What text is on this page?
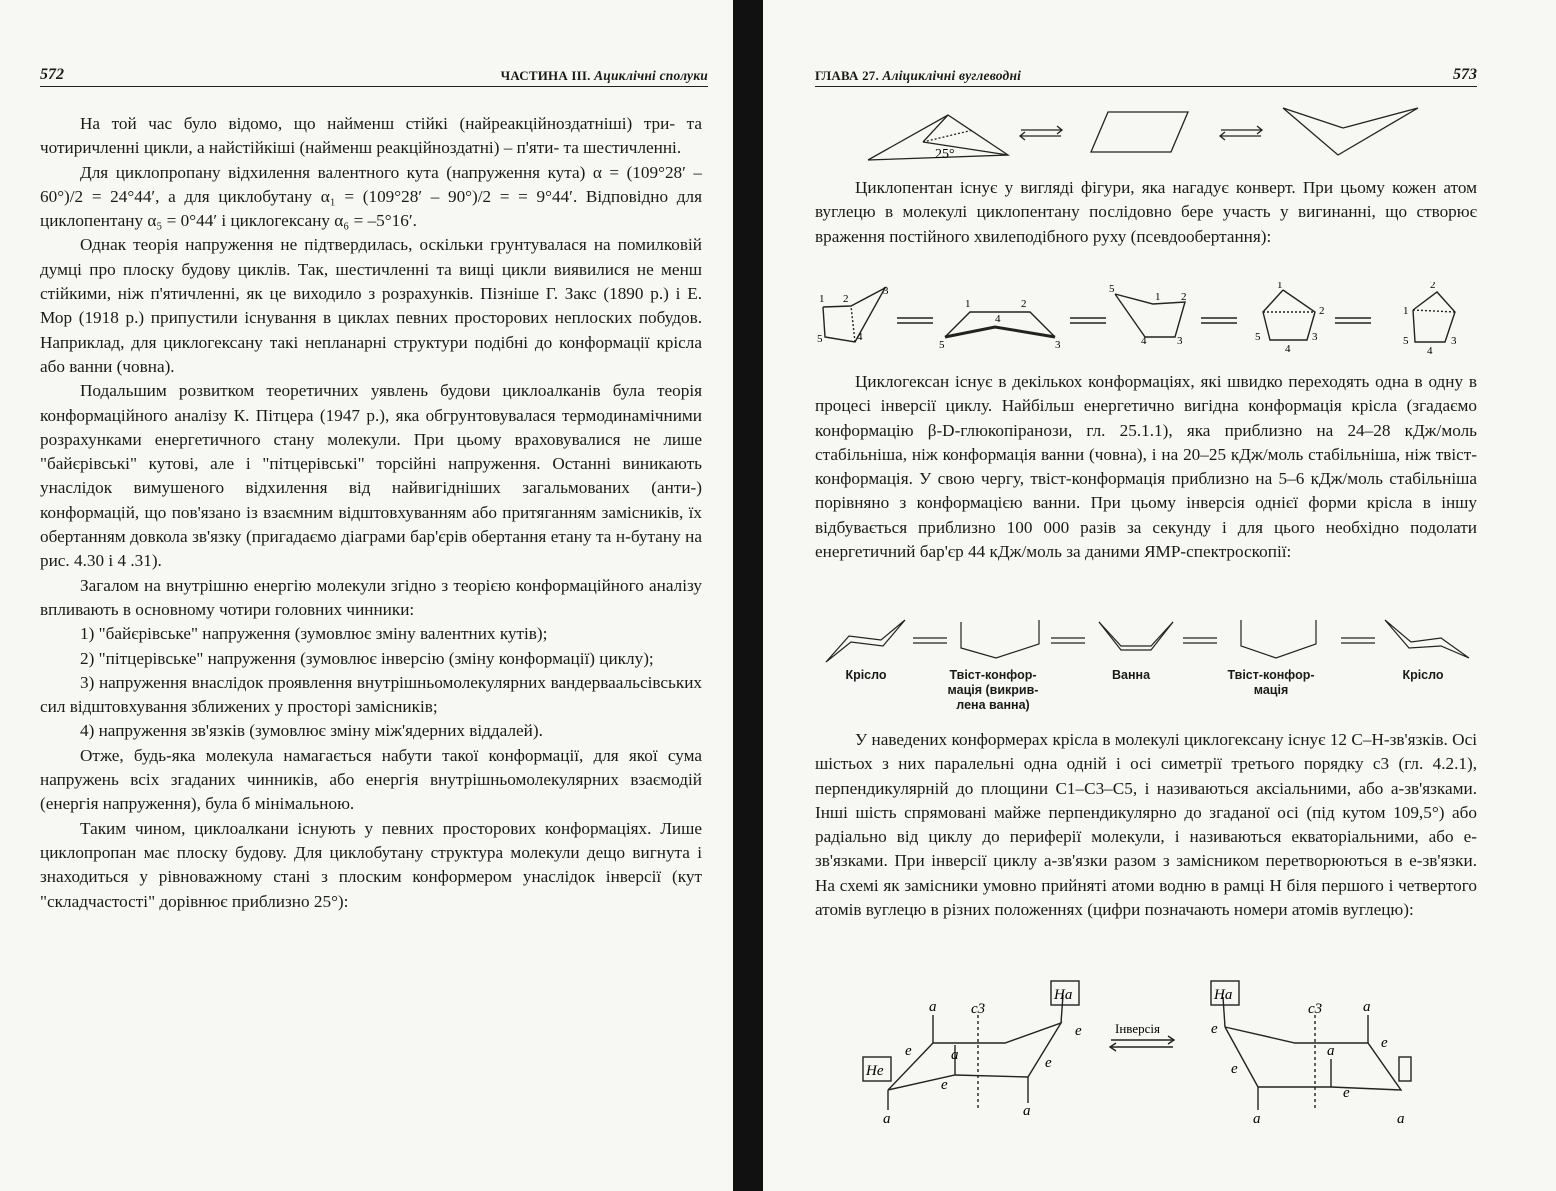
572	ЧАСТИНА ІІІ. Ациклічні сполуки

На той час було відомо, що найменш стійкі (найреакційноздатніші) три- та чотиричленні цикли, а найстійкіші (найменш реакційноздатні) – п'яти- та шестичленні.

Для циклопропану відхилення валентного кута (напруження кута) α = (109°28′ – 60°)/2 = 24°44′, а для циклобутану α₁ = (109°28′ – 90°)/2 = = 9°44′. Відповідно для циклопентану α₅ = 0°44′ і циклогексану α₆ = –5°16′.

Однак теорія напруження не підтвердилась, оскільки грунтувалася на помилковій думці про плоску будову циклів. Так, шестичленні та вищі цикли виявилися не менш стійкими, ніж п'ятичленні, як це виходило з розрахунків. Пізніше Г. Закс (1890 р.) і Е. Мор (1918 р.) припустили існування в циклах певних просторових неплоских побудов. Наприклад, для циклогексану такі непланарні структури подібні до конформації крісла або ванни (човна).

Подальшим розвитком теоретичних уявлень будови циклоалканів була теорія конформаційного аналізу К. Пітцера (1947 р.), яка обгрунтовувалася термодинамічними розрахунками енергетичного стану молекули. При цьому враховувалися не лише "байєрівські" кутові, але і "пітцерівські" торсійні напруження. Останні виникають унаслідок вимушеного відхилення від найвигідніших загальмованих (анти-) конформацій, що пов'язано із взаємним відштовхуванням або притяганням замісників, їх обертанням довкола зв'язку (пригадаємо діаграми бар'єрів обертання етану та н-бутану на рис. 4.30 і 4 .31).

Загалом на внутрішню енергію молекули згідно з теорією конформаційного аналізу впливають в основному чотири головних чинники:

1) "байєрівське" напруження (зумовлює зміну валентних кутів);

2) "пітцерівське" напруження (зумовлює інверсію (зміну конформації) циклу);

3) напруження внаслідок проявлення внутрішньомолекулярних вандерваальсівських сил відштовхування зближених у просторі замісників;

4) напруження зв'язків (зумовлює зміну між'ядерних віддалей).

Отже, будь-яка молекула намагається набути такої конформації, для якої сума напружень всіх згаданих чинників, або енергія внутрішньомолекулярних взаємодій (енергія напруження), була б мінімальною.

Таким чином, циклоалкани існують у певних просторових конформаціях. Лише циклопропан має плоску будову. Для циклобутану структура молекули дещо вигнута і знаходиться у рівноважному стані з плоским конформером унаслідок інверсії (кут "складчастості" дорівнює приблизно 25°):

ГЛАВА 27. Аліциклічні вуглеводні	573
25°

Циклопентан існує у вигляді фігури, яка нагадує конверт. При цьому кожен атом вуглецю в молекулі циклопентану послідовно бере участь у вигинанні, що створює враження постійного хвилеподібного руху (псевдообертання):

1 2
3
5	4
1	2
4
5	3
5
1 2
4	3
1
2
5
4
3
2
1
5
4
3

Циклогексан існує в декількох конформаціях, які швидко переходять одна в одну в процесі інверсії циклу. Найбільш енергетично вигідна конформація крісла (згадаємо конформацію β-D-глюкопіранози, гл. 25.1.1), яка приблизно на 24–28 кДж/моль стабільніша, ніж конформація ванни (човна), і на 20–25 кДж/моль стабільніша, ніж твіст-конформація. У свою чергу, твіст-конформація приблизно на 5–6 кДж/моль стабільніша порівняно з конформацією ванни. При цьому інверсія однієї форми крісла в іншу відбувається приблизно 100 000 разів за секунду і для цього необхідно подолати енергетичний бар'єр 44 кДж/моль за даними ЯМР-спектроскопії:

Крісло	Твіст-конфор-мація (викрив-лена ванна)
Ванна	Твіст-конфор-мація
Крісло

У наведених конформерах крісла в молекулі циклогексану існує 12 С–Н-зв'язків. Осі шістьох з них паралельні одна одній і осі симетрії третього порядку с3 (гл. 4.2.1), перпендикулярній до площини С1–С3–С5, і називаються аксіальними, або а-зв'язками. Інші шість спрямовані майже перпендикулярно до згаданої осі (під кутом 109,5°) або радіально від циклу до периферії молекули, і називаються екваторіальними, або е-зв'язками. При інверсії циклу а-зв'язки разом з замісником перетворюються в е-зв'язки. На схемі як замісники умовно прийняті атоми водню в рамці Н біля першого і четвертого атомів вуглецю в різних положеннях (цифри позначають номери атомів вуглецю):

Ha
He
c3
Ha
c3
a
a
a
a
e
e
e
e
a
a
a	a
e
e
e
e
Інверсія
